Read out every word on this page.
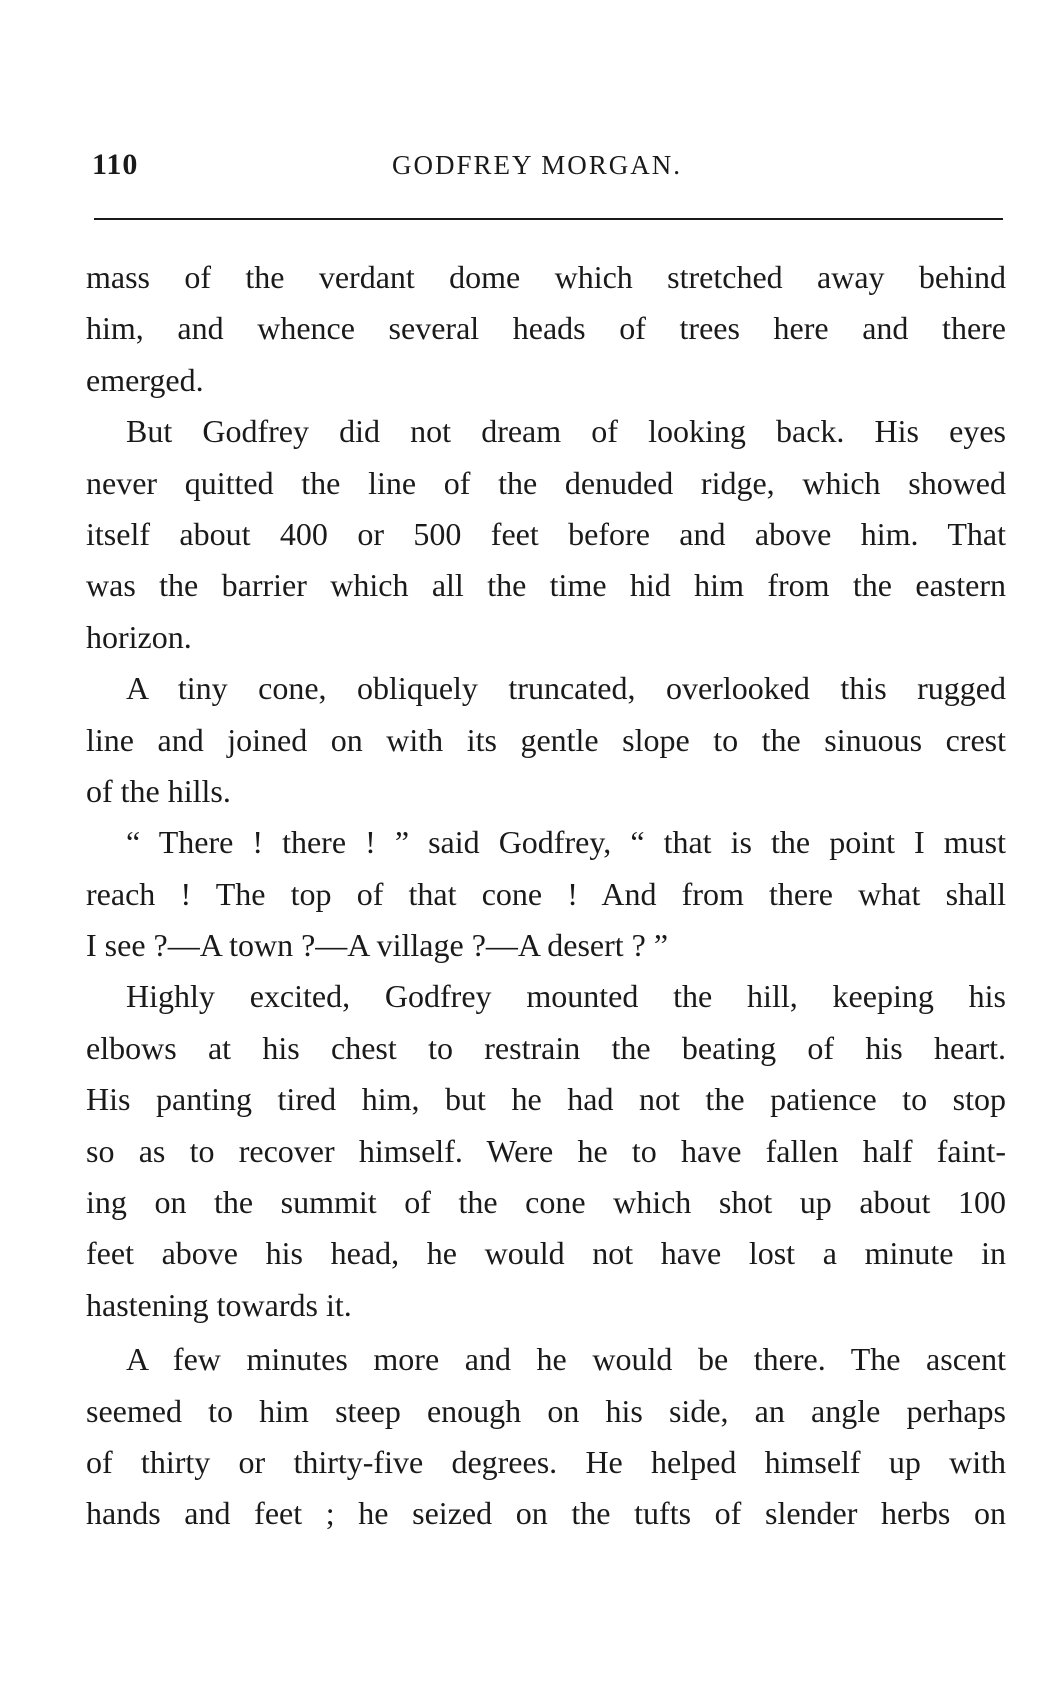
110	GODFREY MORGAN.
mass of the verdant dome which stretched away behind
him, and whence several heads of trees here and there
emerged.
But Godfrey did not dream of looking back. His eyes
never quitted the line of the denuded ridge, which showed
itself about 400 or 500 feet before and above him. That
was the barrier which all the time hid him from the eastern
horizon.
A tiny cone, obliquely truncated, overlooked this rugged
line and joined on with its gentle slope to the sinuous crest
of the hills.
“ There ! there ! ” said Godfrey, “ that is the point I must
reach ! The top of that cone ! And from there what shall
I see ?—A town ?—A village ?—A desert ? ”
Highly excited, Godfrey mounted the hill, keeping his
elbows at his chest to restrain the beating of his heart.
His panting tired him, but he had not the patience to stop
so as to recover himself. Were he to have fallen half faint-
ing on the summit of the cone which shot up about 100
feet above his head, he would not have lost a minute in
hastening towards it.
A few minutes more and he would be there. The ascent
seemed to him steep enough on his side, an angle perhaps
of thirty or thirty-five degrees. He helped himself up with
hands and feet ; he seized on the tufts of slender herbs on
